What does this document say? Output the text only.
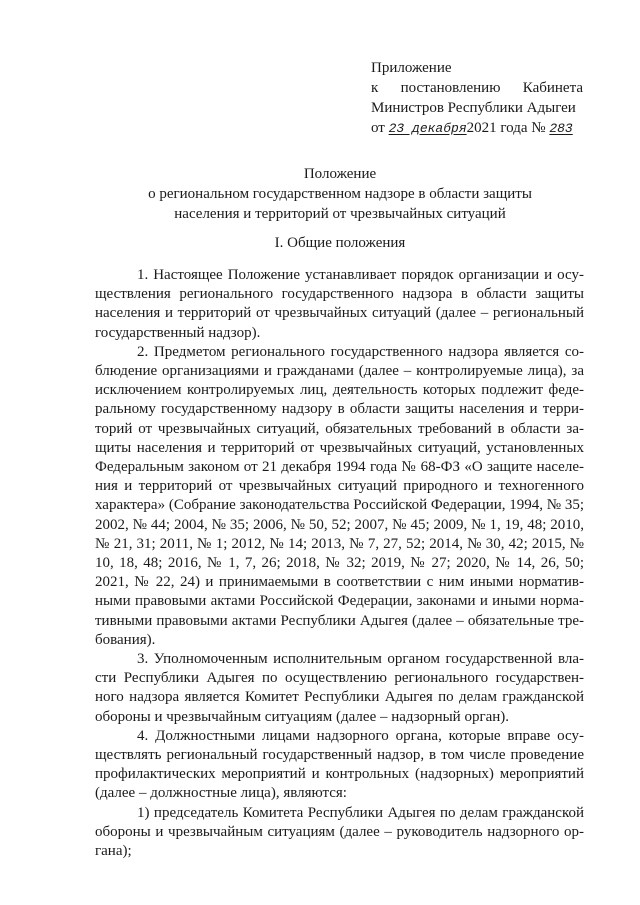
Приложение
к постановлению Кабинета
Министров Республики Адыгеи
от 23 декабря2021 года № 283
Положение
о региональном государственном надзоре в области защиты
населения и территорий от чрезвычайных ситуаций
I. Общие положения

1. Настоящее Положение устанавливает порядок организации и осуществления регионального государственного надзора в области защиты населения и территорий от чрезвычайных ситуаций (далее – региональный государственный надзор).

2. Предметом регионального государственного надзора является соблюдение организациями и гражданами (далее – контролируемые лица), за исключением контролируемых лиц, деятельность которых подлежит федеральному государственному надзору в области защиты населения и территорий от чрезвычайных ситуаций, обязательных требований в области защиты населения и территорий от чрезвычайных ситуаций, установленных Федеральным законом от 21 декабря 1994 года № 68-ФЗ «О защите населения и территорий от чрезвычайных ситуаций природного и техногенного характера» (Собрание законодательства Российской Федерации, 1994, № 35; 2002, № 44; 2004, № 35; 2006, № 50, 52; 2007, № 45; 2009, № 1, 19, 48; 2010, № 21, 31; 2011, № 1; 2012, № 14; 2013, № 7, 27, 52; 2014, № 30, 42; 2015, № 10, 18, 48; 2016, № 1, 7, 26; 2018, № 32; 2019, № 27; 2020, № 14, 26, 50; 2021, № 22, 24) и принимаемыми в соответствии с ним иными нормативными правовыми актами Российской Федерации, законами и иными нормативными правовыми актами Республики Адыгея (далее – обязательные требования).

3. Уполномоченным исполнительным органом государственной власти Республики Адыгея по осуществлению регионального государственного надзора является Комитет Республики Адыгея по делам гражданской обороны и чрезвычайным ситуациям (далее – надзорный орган).

4. Должностными лицами надзорного органа, которые вправе осуществлять региональный государственный надзор, в том числе проведение профилактических мероприятий и контрольных (надзорных) мероприятий (далее – должностные лица), являются:

1) председатель Комитета Республики Адыгея по делам гражданской обороны и чрезвычайным ситуациям (далее – руководитель надзорного органа);
